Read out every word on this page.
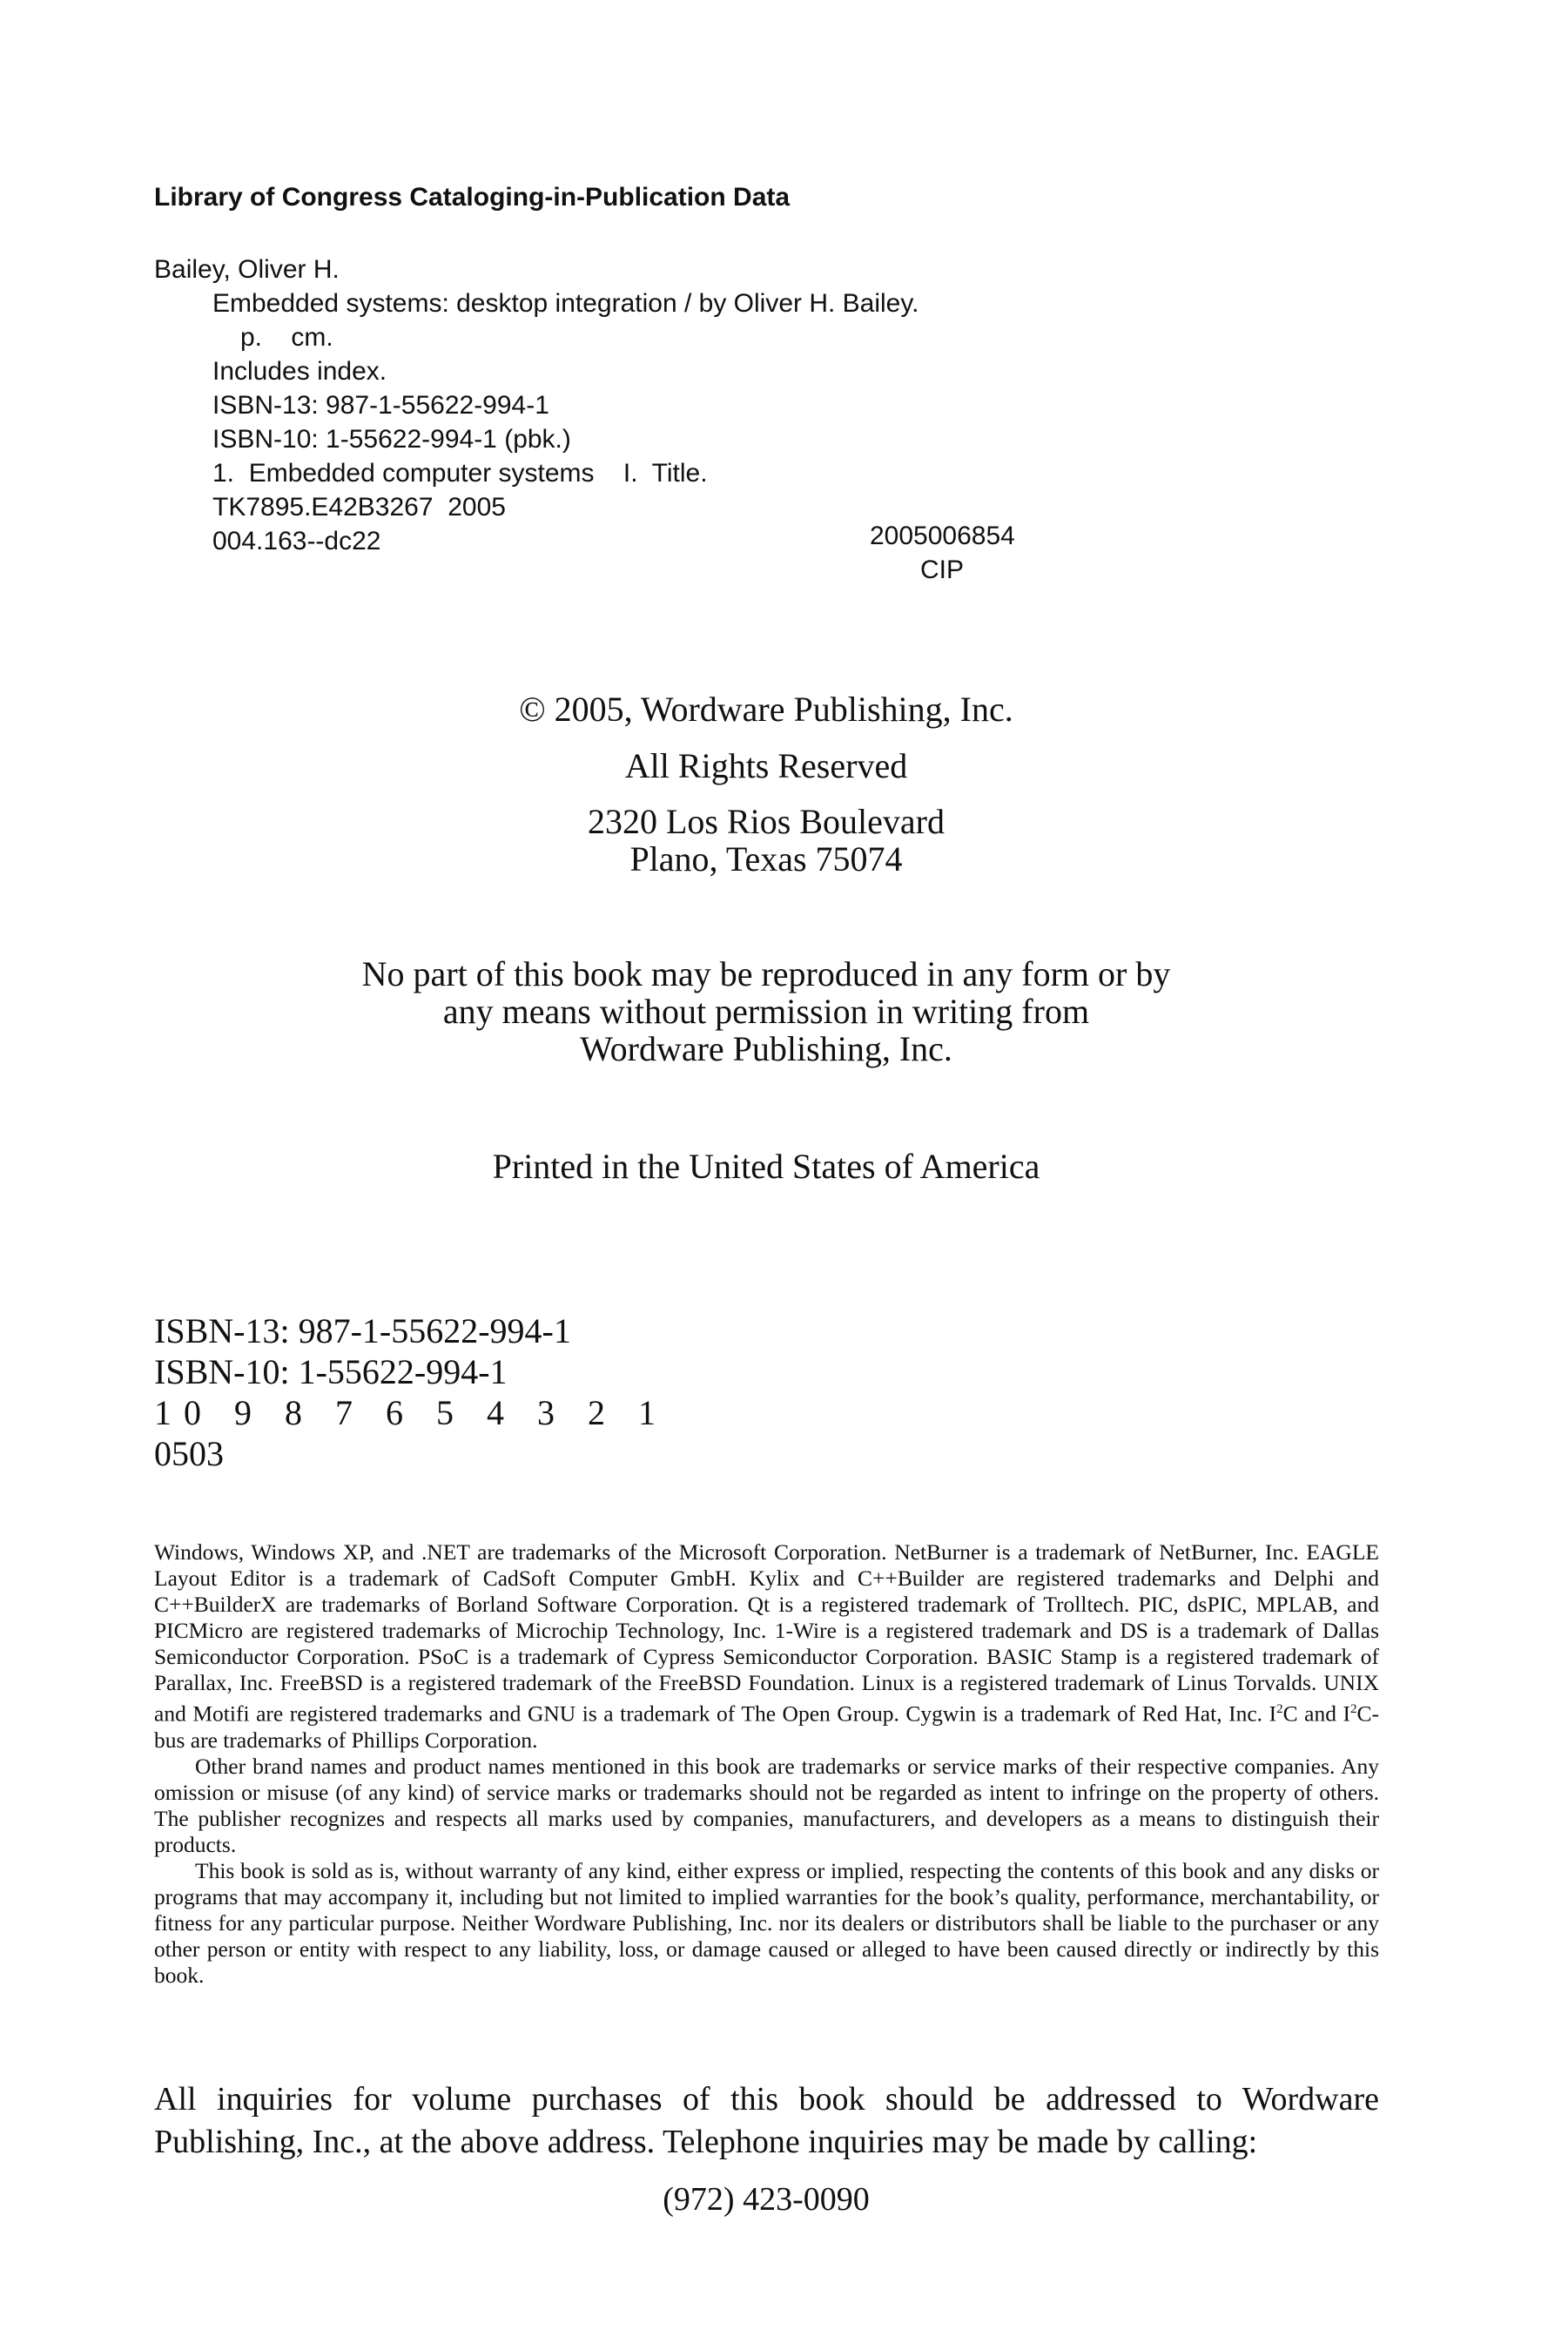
Library of Congress Cataloging-in-Publication Data
Bailey, Oliver H.
Embedded systems: desktop integration / by Oliver H. Bailey.
p.    cm.
Includes index.
ISBN-13: 987-1-55622-994-1
ISBN-10: 1-55622-994-1 (pbk.)
1.  Embedded computer systems    I.  Title.
TK7895.E42B3267  2005
004.163--dc22	2005006854
CIP
© 2005, Wordware Publishing, Inc.
All Rights Reserved
2320 Los Rios Boulevard
Plano, Texas 75074
No part of this book may be reproduced in any form or by
any means without permission in writing from
Wordware Publishing, Inc.
Printed in the United States of America
ISBN-13: 987-1-55622-994-1
ISBN-10: 1-55622-994-1
10 9 8 7 6 5 4 3 2 1
0503

Windows, Windows XP, and .NET are trademarks of the Microsoft Corporation. NetBurner is a trademark of NetBurner, Inc. EAGLE Layout Editor is a trademark of CadSoft Computer GmbH. Kylix and C++Builder are registered trademarks and Delphi and C++BuilderX are trademarks of Borland Software Corporation. Qt is a registered trademark of Trolltech. PIC, dsPIC, MPLAB, and PICMicro are registered trademarks of Microchip Technology, Inc. 1-Wire is a registered trademark and DS is a trademark of Dallas Semiconductor Corporation. PSoC is a trademark of Cypress Semiconductor Corporation. BASIC Stamp is a registered trademark of Parallax, Inc. FreeBSD is a registered trademark of the FreeBSD Foundation. Linux is a registered trademark of Linus Torvalds. UNIX and Motifi are registered trademarks and GNU is a trademark of The Open Group. Cygwin is a trademark of Red Hat, Inc. $I^2C$ and $I^2C$-bus are trademarks of Phillips Corporation.

Other brand names and product names mentioned in this book are trademarks or service marks of their respective companies. Any omission or misuse (of any kind) of service marks or trademarks should not be regarded as intent to infringe on the property of others. The publisher recognizes and respects all marks used by companies, manufacturers, and developers as a means to distinguish their products.

This book is sold as is, without warranty of any kind, either express or implied, respecting the contents of this book and any disks or programs that may accompany it, including but not limited to implied warranties for the book’s quality, performance, merchantability, or fitness for any particular purpose. Neither Wordware Publishing, Inc. nor its dealers or distributors shall be liable to the purchaser or any other person or entity with respect to any liability, loss, or damage caused or alleged to have been caused directly or indirectly by this book.

All inquiries for volume purchases of this book should be addressed to Wordware
Publishing, Inc., at the above address. Telephone inquiries may be made by calling:
(972) 423-0090
